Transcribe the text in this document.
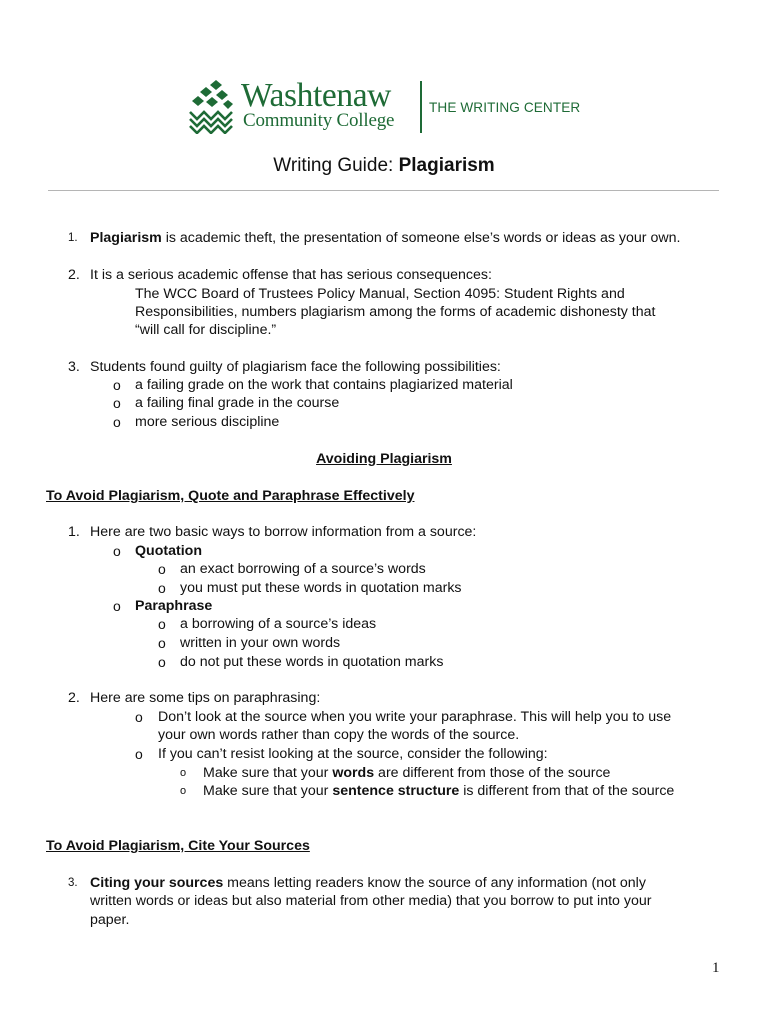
Washtenaw
Community College
THE WRITING CENTER
Writing Guide: Plagiarism
1. Plagiarism is academic theft, the presentation of someone else’s words or ideas as your own.
2. It is a serious academic offense that has serious consequences:
The WCC Board of Trustees Policy Manual, Section 4095: Student Rights and
Responsibilities, numbers plagiarism among the forms of academic dishonesty that
“will call for discipline.”
3. Students found guilty of plagiarism face the following possibilities:
o a failing grade on the work that contains plagiarized material
o a failing final grade in the course
o more serious discipline
Avoiding Plagiarism
To Avoid Plagiarism, Quote and Paraphrase Effectively
1. Here are two basic ways to borrow information from a source:
o Quotation
o an exact borrowing of a source’s words
o you must put these words in quotation marks
o Paraphrase
o a borrowing of a source’s ideas
o written in your own words
o do not put these words in quotation marks
2. Here are some tips on paraphrasing:
o Don’t look at the source when you write your paraphrase. This will help you to use
your own words rather than copy the words of the source.
o If you can’t resist looking at the source, consider the following:
o Make sure that your words are different from those of the source
o Make sure that your sentence structure is different from that of the source
To Avoid Plagiarism, Cite Your Sources
3. Citing your sources means letting readers know the source of any information (not only
written words or ideas but also material from other media) that you borrow to put into your
paper.
1
